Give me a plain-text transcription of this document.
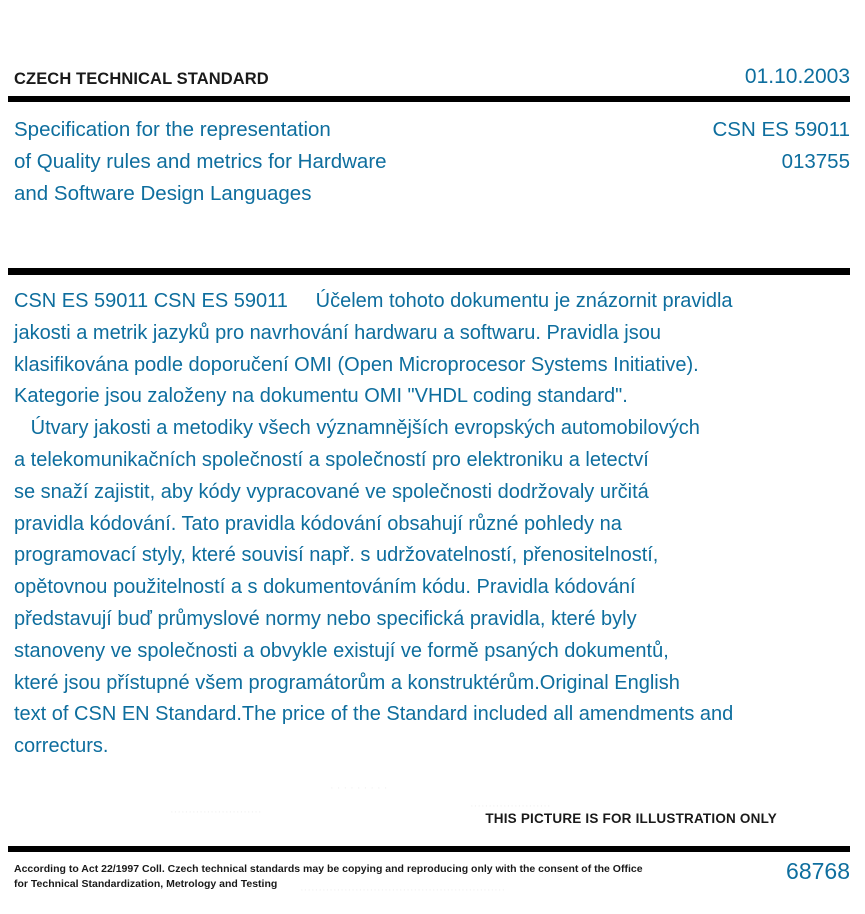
CZECH TECHNICAL STANDARD	01.10.2003
Specification for the representation
of Quality rules and metrics for Hardware
and Software Design Languages
CSN ES 59011
013755
CSN ES 59011 CSN ES 59011     Účelem tohoto dokumentu je znázornit pravidla
jakosti a metrik jazyků pro navrhování hardwaru a softwaru. Pravidla jsou
klasifikována podle doporučení OMI (Open Microprocesor Systems Initiative).
Kategorie jsou založeny na dokumentu OMI "VHDL coding standard".
Útvary jakosti a metodiky všech významnějších evropských automobilových
a telekomunikačních společností a společností pro elektroniku a letectví
se snaží zajistit, aby kódy vypracované ve společnosti dodržovaly určitá
pravidla kódování. Tato pravidla kódování obsahují různé pohledy na
programovací styly, které souvisí např. s udržovatelností, přenositelností,
opětovnou použitelností a s dokumentováním kódu. Pravidla kódování
představují buď průmyslové normy nebo specifická pravidla, které byly
stanoveny ve společnosti a obvykle existují ve formě psaných dokumentů,
které jsou přístupné všem programátorům a konstruktérům.Original English
text of CSN EN Standard.The price of the Standard included all amendments and
correcturs.
· · · · · · · · ·
······················
·························
························································
THIS PICTURE IS FOR ILLUSTRATION ONLY
According to Act 22/1997 Coll. Czech technical standards may be copying and reproducing only with the consent of the Office
for Technical Standardization, Metrology and Testing	68768
